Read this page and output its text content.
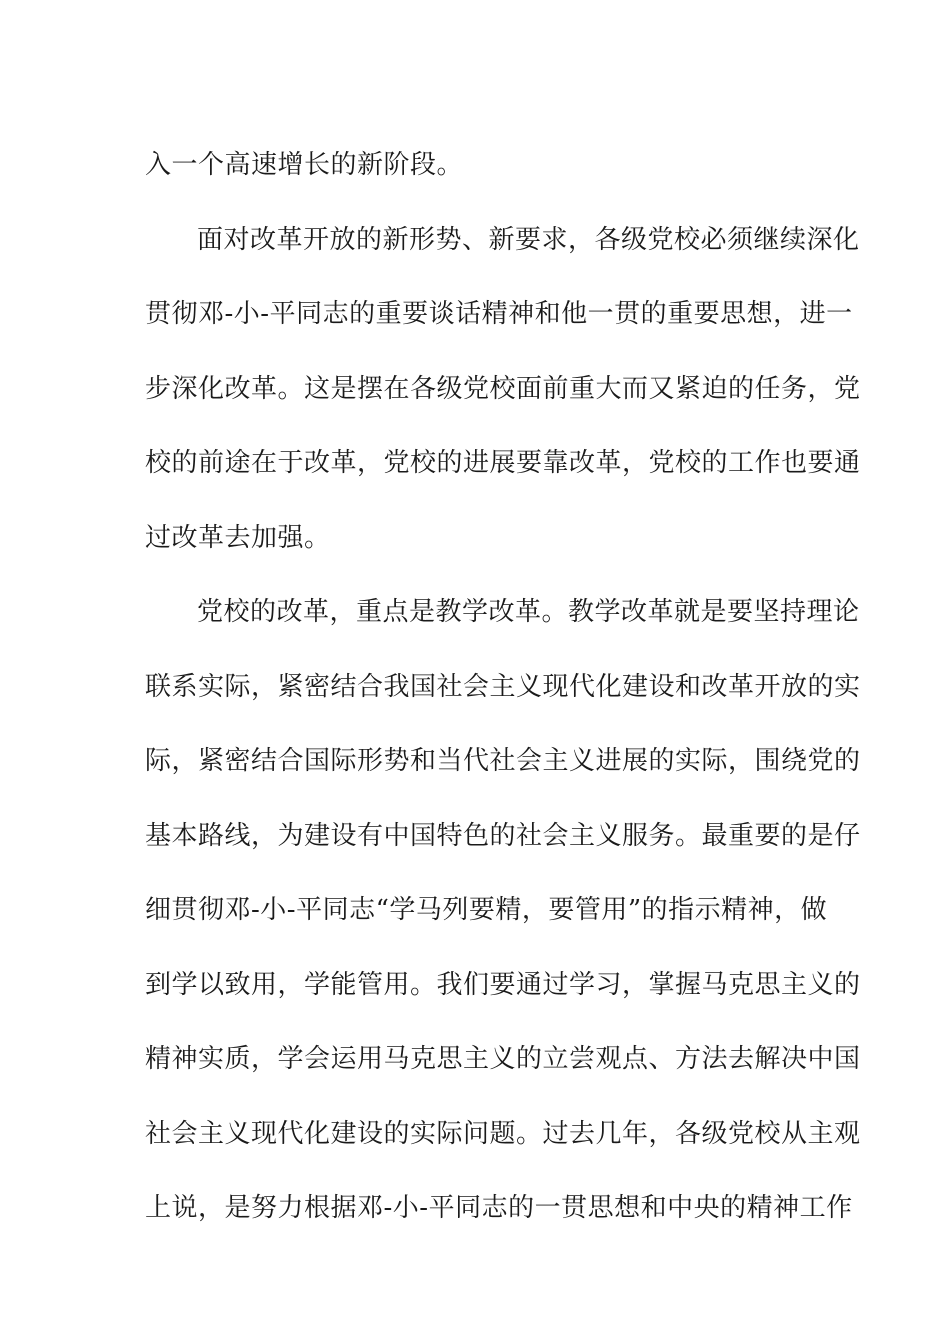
入一个高速增长的新阶段。
面对改革开放的新形势、新要求，各级党校必须继续深化
贯彻邓-小-平同志的重要谈话精神和他一贯的重要思想，进一
步深化改革。这是摆在各级党校面前重大而又紧迫的任务，党
校的前途在于改革，党校的进展要靠改革，党校的工作也要通
过改革去加强。
党校的改革，重点是教学改革。教学改革就是要坚持理论
联系实际，紧密结合我国社会主义现代化建设和改革开放的实
际，紧密结合国际形势和当代社会主义进展的实际，围绕党的
基本路线，为建设有中国特色的社会主义服务。最重要的是仔
细贯彻邓-小-平同志“学马列要精，要管用”的指示精神，做
到学以致用，学能管用。我们要通过学习，掌握马克思主义的
精神实质，学会运用马克思主义的立尝观点、方法去解决中国
社会主义现代化建设的实际问题。过去几年，各级党校从主观
上说，是努力根据邓-小-平同志的一贯思想和中央的精神工作
